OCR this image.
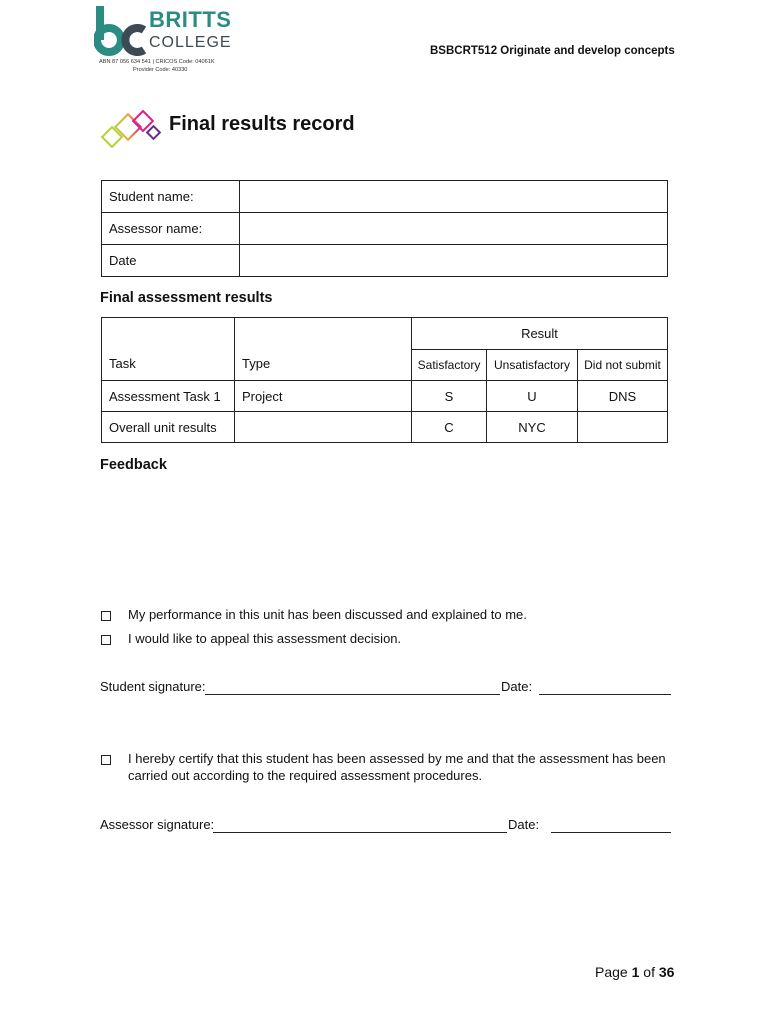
BRITTS
COLLEGE
ABN 87 056 634 541 | CRICOS Code: 04061K
Provider Code: 40330
BSBCRT512 Originate and develop concepts
Final results record
Student name:	
Assessor name:	
Date	
Final assessment results
Task	Type	Result		
		Satisfactory	Unsatisfactory	Did not submit
Assessment Task 1	Project	S	U	DNS
Overall unit results		C	NYC	
Feedback
My performance in this unit has been discussed and explained to me.
I would like to appeal this assessment decision.
Student signature:	Date:
I hereby certify that this student has been assessed by me and that the assessment has been
carried out according to the required assessment procedures.
Assessor signature:	Date:
Page 1 of 36
